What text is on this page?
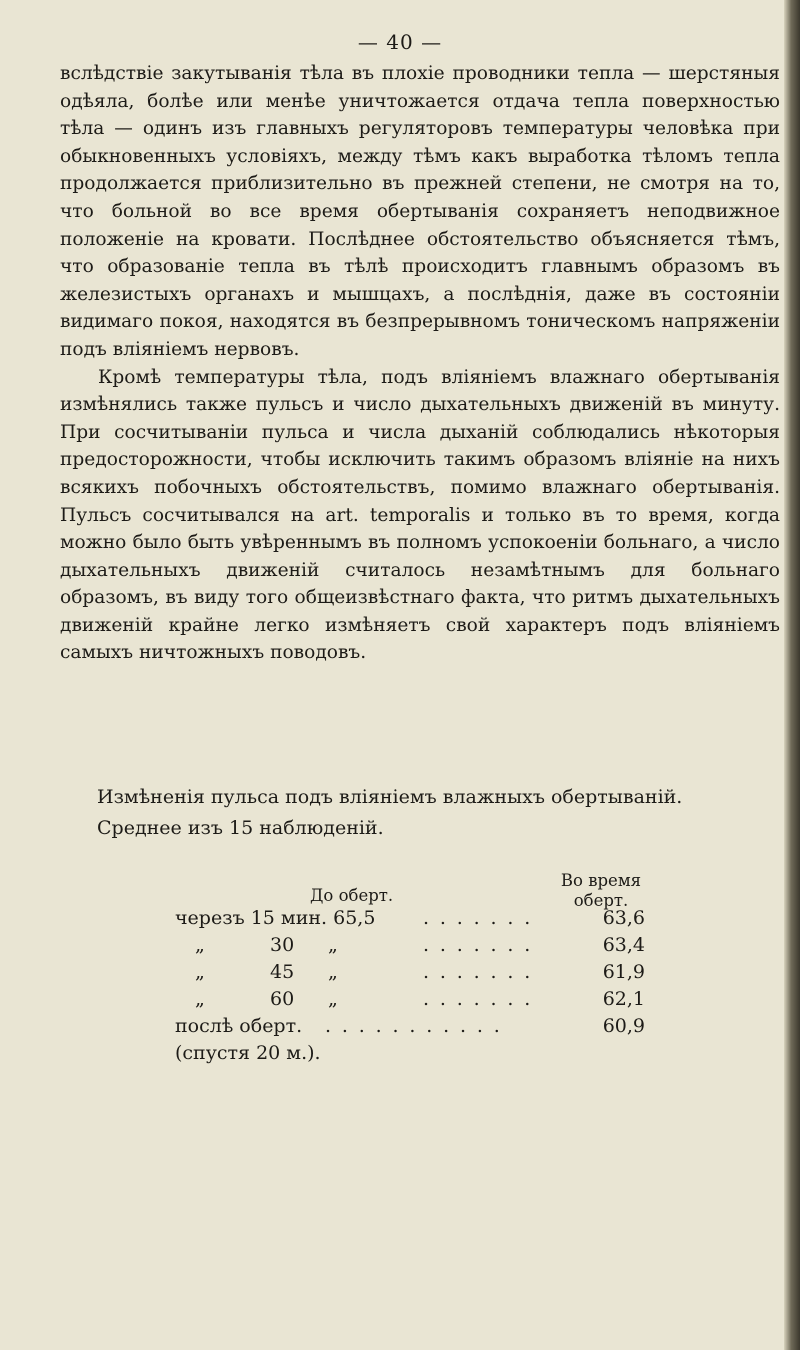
— 40 —

вслѣдствіе закутыванія тѣла въ плохіе проводники тепла — шерстяныя одѣяла, болѣе или менѣе уничтожается отдача тепла поверхностью тѣла — одинъ изъ главныхъ регуляторовъ температуры человѣка при обыкновенныхъ условіяхъ, между тѣмъ какъ выработка тѣломъ тепла продолжается приблизительно въ прежней степени, не смотря на то, что больной во все время обертыванія сохраняетъ неподвижное положеніе на кровати. Послѣднее обстоятельство объясняется тѣмъ, что образованіе тепла въ тѣлѣ происходитъ главнымъ образомъ въ железистыхъ органахъ и мышцахъ, а послѣднія, даже въ состояніи видимаго покоя, находятся въ безпрерывномъ тоническомъ напряженіи подъ вліяніемъ нервовъ.

Кромѣ температуры тѣла, подъ вліяніемъ влажнаго обертыванія измѣнялись также пульсъ и число дыхательныхъ движеній въ минуту. При сосчитываніи пульса и числа дыханій соблюдались нѣкоторыя предосторожности, чтобы исключить такимъ образомъ вліяніе на нихъ всякихъ побочныхъ обстоятельствъ, помимо влажнаго обертыванія. Пульсъ сосчитывался на art. temporalis и только въ то время, когда можно было быть увѣреннымъ въ полномъ успокоеніи больнаго, а число дыхательныхъ движеній считалось незамѣтнымъ для больнаго образомъ, въ виду того общеизвѣстнаго факта, что ритмъ дыхательныхъ движеній крайне легко измѣняетъ свой характеръ подъ вліяніемъ самыхъ ничтожныхъ поводовъ.

Измѣненія пульса подъ вліяніемъ влажныхъ обертываній.
Среднее изъ 15 наблюденій.
До оберт.
Во время
оберт.
черезъ 15 мин. 65,5	. . . . . . .	63,6
„	30 „	. . . . . . .	63,4
„	45 „	. . . . . . .	61,9
„	60 „	. . . . . . .	62,1
послѣ оберт. . . . . . . . . . . .	60,9
(спустя 20 м.).
